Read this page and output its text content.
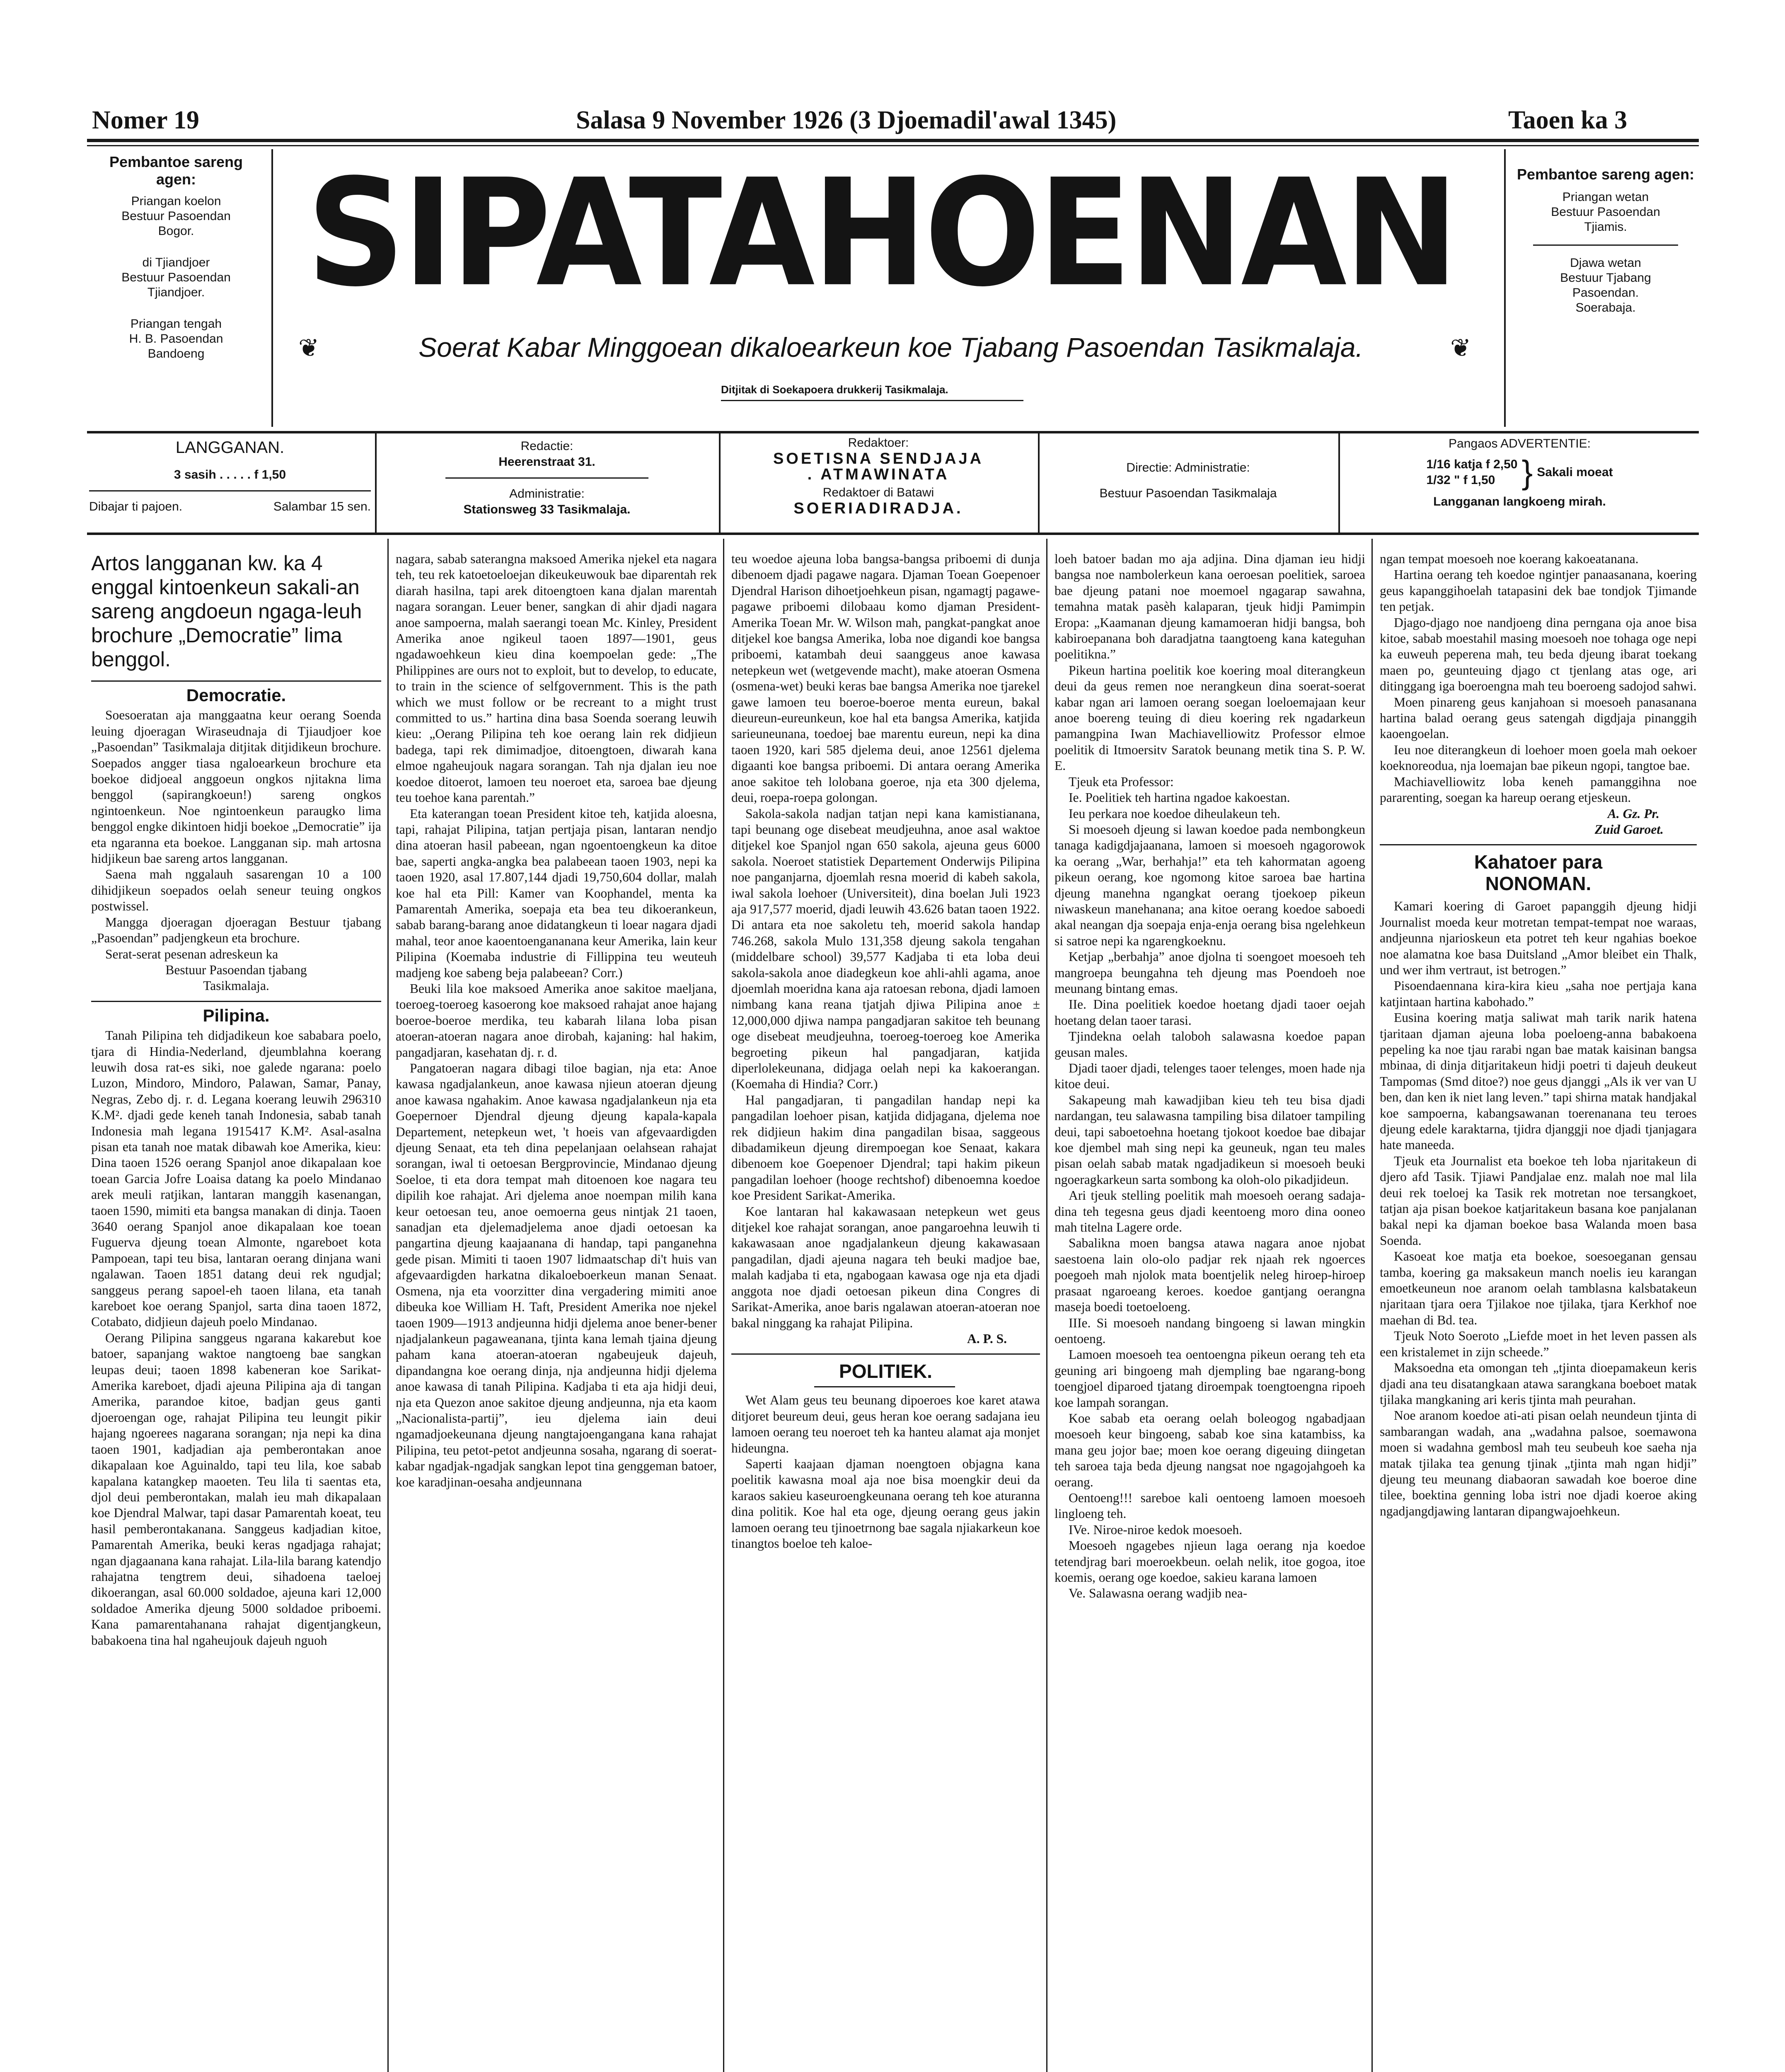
Nomer 19	Salasa 9 November 1926 (3 Djoemadil'awal 1345)	Taoen ka 3
Pembantoe sareng agen:
Priangan koelon
Bestuur Pasoendan
Bogor.
di Tjiandjoer
Bestuur Pasoendan
Tjiandjoer.
Priangan tengah
H. B. Pasoendan
Bandoeng
SIPATAHOENAN
❦	Soerat Kabar Minggoean dikaloearkeun koe Tjabang Pasoendan Tasikmalaja.	❦
Ditjitak di Soekapoera drukkerij Tasikmalaja.
Pembantoe sareng agen:
Priangan wetan
Bestuur Pasoendan
Tjiamis.
Djawa wetan
Bestuur Tjabang
Pasoendan.
Soerabaja.
LANGGANAN.
3 sasih . . . . . f 1,50
Dibajar ti pajoen.	Salambar 15 sen.
Redactie:
Heerenstraat 31.
Administratie:
Stationsweg 33 Tasikmalaja.
Redaktoer:
SOETISNA SENDJAJA
. ATMAWINATA
Redaktoer di Batawi
SOERIADIRADJA.
Directie: Administratie:
Bestuur Pasoendan Tasikmalaja
Pangaos ADVERTENTIE:
1/16 katja f 2,50
1/32 " f 1,50 } Sakali moeat
Langganan langkoeng mirah.

Artos langganan kw. ka 4 enggal kintoenkeun sakali-an sareng angdoeun ngaga-leuh brochure „Democratie” lima benggol.

Democratie.

Soesoeratan aja manggaatna keur oerang Soenda leuing djoeragan Wiraseudnaja di Tjiaudjoer koe „Pasoendan” Tasikmalaja ditjitak ditjidikeun brochure. Soepados angger tiasa ngaloearkeun brochure eta boekoe didjoeal anggoeun ongkos njitakna lima benggol (sapirangkoeun!) sareng ongkos ngintoenkeun. Noe ngintoenkeun paraugko lima benggol engke dikintoen hidji boekoe „Democratie” ija eta ngaranna eta boekoe. Langganan sip. mah artosna hidjikeun bae sareng artos langganan.

Saena mah nggalauh sasarengan 10 a 100 dihidjikeun soepados oelah seneur teuing ongkos postwissel.

Mangga djoeragan djoeragan Bestuur tjabang „Pasoendan” padjengkeun eta brochure.

Serat-serat pesenan adreskeun ka

Bestuur Pasoendan tjabang

Tasikmalaja.

Pilipina.

Tanah Pilipina teh didjadikeun koe sababara poelo, tjara di Hindia-Nederland, djeumblahna koerang leuwih dosa rat-es siki, noe galede ngarana: poelo Luzon, Mindoro, Mindoro, Palawan, Samar, Panay, Negras, Zebo dj. r. d. Legana koerang leuwih 296310 K.M². djadi gede keneh tanah Indonesia, sabab tanah Indonesia mah legana 1915417 K.M². Asal-asalna pisan eta tanah noe matak dibawah koe Amerika, kieu: Dina taoen 1526 oerang Spanjol anoe dikapalaan koe toean Garcia Jofre Loaisa datang ka poelo Mindanao arek meuli ratjikan, lantaran manggih kasenangan, taoen 1590, mimiti eta bangsa manakan di dinja. Taoen 3640 oerang Spanjol anoe dikapalaan koe toean Fuguerva djeung toean Almonte, ngareboet kota Pampoean, tapi teu bisa, lantaran oerang dinjana wani ngalawan. Taoen 1851 datang deui rek ngudjal; sanggeus perang sapoel-eh taoen lilana, eta tanah kareboet koe oerang Spanjol, sarta dina taoen 1872, Cotabato, didjieun dajeuh poelo Mindanao.

Oerang Pilipina sanggeus ngarana kakarebut koe batoer, sapanjang waktoe nangtoeng bae sangkan leupas deui; taoen 1898 kabeneran koe Sarikat-Amerika kareboet, djadi ajeuna Pilipina aja di tangan Amerika, parandoe kitoe, badjan geus ganti djoeroengan oge, rahajat Pilipina teu leungit pikir hajang ngoerees nagarana sorangan; nja nepi ka dina taoen 1901, kadjadian aja pemberontakan anoe dikapalaan koe Aguinaldo, tapi teu lila, koe sabab kapalana katangkep maoeten. Teu lila ti saentas eta, djol deui pemberontakan, malah ieu mah dikapalaan koe Djendral Malwar, tapi dasar Pamarentah koeat, teu hasil pemberontakanana. Sanggeus kadjadian kitoe, Pamarentah Amerika, beuki keras ngadjaga rahajat; ngan djagaanana kana rahajat. Lila-lila barang katendjo rahajatna tengtrem deui, sihadoena taeloej dikoerangan, asal 60.000 soldadoe, ajeuna kari 12,000 soldadoe Amerika djeung 5000 soldadoe priboemi. Kana pamarentahanana rahajat digentjangkeun, babakoena tina hal ngaheujouk dajeuh nguoh

nagara, sabab saterangna maksoed Amerika njekel eta nagara teh, teu rek katoetoeloejan dikeukeuwouk bae diparentah rek diarah hasilna, tapi arek ditoengtoen kana djalan marentah nagara sorangan. Leuer bener, sangkan di ahir djadi nagara anoe sampoerna, malah saerangi toean Mc. Kinley, President Amerika anoe ngikeul taoen 1897—1901, geus ngadawoehkeun kieu dina koempoelan gede: „The Philippines are ours not to exploit, but to develop, to educate, to train in the science of selfgovernment. This is the path which we must follow or be recreant to a might trust committed to us.” hartina dina basa Soenda soerang leuwih kieu: „Oerang Pilipina teh koe oerang lain rek didjieun badega, tapi rek dimimadjoe, ditoengtoen, diwarah kana elmoe ngaheujouk nagara sorangan. Tah nja djalan ieu noe koedoe ditoerot, lamoen teu noeroet eta, saroea bae djeung teu toehoe kana parentah.”

Eta katerangan toean President kitoe teh, katjida aloesna, tapi, rahajat Pilipina, tatjan pertjaja pisan, lantaran nendjo dina atoeran hasil pabeean, ngan ngoentoengkeun ka ditoe bae, saperti angka-angka bea palabeean taoen 1903, nepi ka taoen 1920, asal 17.807,144 djadi 19,750,604 dollar, malah koe hal eta Pill: Kamer van Koophandel, menta ka Pamarentah Amerika, soepaja eta bea teu dikoerankeun, sabab barang-barang anoe didatangkeun ti loear nagara djadi mahal, teor anoe kaoentoengananana keur Amerika, lain keur Pilipina (Koemaba industrie di Fillippina teu weuteuh madjeng koe sabeng beja palabeean? Corr.)

Beuki lila koe maksoed Amerika anoe sakitoe maeljana, toeroeg-toeroeg kasoerong koe maksoed rahajat anoe hajang boeroe-boeroe merdika, teu kabarah lilana loba pisan atoeran-atoeran nagara anoe dirobah, kajaning: hal hakim, pangadjaran, kasehatan dj. r. d.

Pangatoeran nagara dibagi tiloe bagian, nja eta: Anoe kawasa ngadjalankeun, anoe kawasa njieun atoeran djeung anoe kawasa ngahakim. Anoe kawasa ngadjalankeun nja eta Goepernoer Djendral djeung djeung kapala-kapala Departement, netepkeun wet, 't hoeis van afgevaardigden djeung Senaat, eta teh dina pepelanjaan oelahsean rahajat sorangan, iwal ti oetoesan Bergprovincie, Mindanao djeung Soeloe, ti eta dora tempat mah ditoenoen koe nagara teu dipilih koe rahajat. Ari djelema anoe noempan milih kana keur oetoesan teu, anoe oemoerna geus nintjak 21 taoen, sanadjan eta djelemadjelema anoe djadi oetoesan ka pangartina djeung kaajaanana di handap, tapi panganehna gede pisan. Mimiti ti taoen 1907 lidmaatschap di't huis van afgevaardigden harkatna dikaloeboerkeun manan Senaat. Osmena, nja eta voorzitter dina vergadering mimiti anoe dibeuka koe William H. Taft, President Amerika noe njekel taoen 1909—1913 andjeunna hidji djelema anoe bener-bener njadjalankeun pagaweanana, tjinta kana lemah tjaina djeung paham kana atoeran-atoeran ngabeujeuk dajeuh, dipandangna koe oerang dinja, nja andjeunna hidji djelema anoe kawasa di tanah Pilipina. Kadjaba ti eta aja hidji deui, nja eta Quezon anoe sakitoe djeung andjeunna, nja eta kaom „Nacionalista-partij”, ieu djelema iain deui ngamadjoekeunana djeung nangtajoengangana kana rahajat Pilipina, teu petot-petot andjeunna sosaha, ngarang di soerat-kabar ngadjak-ngadjak sangkan lepot tina genggeman batoer, koe karadjinan-oesaha andjeunnana

teu woedoe ajeuna loba bangsa-bangsa priboemi di dunja dibenoem djadi pagawe nagara. Djaman Toean Goepenoer Djendral Harison dihoetjoehkeun pisan, ngamagtj pagawe-pagawe priboemi dilobaau komo djaman President-Amerika Toean Mr. W. Wilson mah, pangkat-pangkat anoe ditjekel koe bangsa Amerika, loba noe digandi koe bangsa priboemi, katambah deui saanggeus anoe kawasa netepkeun wet (wetgevende macht), make atoeran Osmena (osmena-wet) beuki keras bae bangsa Amerika noe tjarekel gawe lamoen teu boeroe-boeroe menta eureun, bakal dieureun-eureunkeun, koe hal eta bangsa Amerika, katjida sarieuneunana, toedoej bae marentu eureun, nepi ka dina taoen 1920, kari 585 djelema deui, anoe 12561 djelema digaanti koe bangsa priboemi. Di antara oerang Amerika anoe sakitoe teh lolobana goeroe, nja eta 300 djelema, deui, roepa-roepa golongan.

Sakola-sakola nadjan tatjan nepi kana kamistianana, tapi beunang oge disebeat meudjeuhna, anoe asal waktoe ditjekel koe Spanjol ngan 650 sakola, ajeuna geus 6000 sakola. Noeroet statistiek Departement Onderwijs Pilipina noe panganjarna, djoemlah resna moerid di kabeh sakola, iwal sakola loehoer (Universiteit), dina boelan Juli 1923 aja 917,577 moerid, djadi leuwih 43.626 batan taoen 1922. Di antara eta noe sakoletu teh, moerid sakola handap 746.268, sakola Mulo 131,358 djeung sakola tengahan (middelbare school) 39,577 Kadjaba ti eta loba deui sakola-sakola anoe diadegkeun koe ahli-ahli agama, anoe djoemlah moeridna kana aja ratoesan rebona, djadi lamoen nimbang kana reana tjatjah djiwa Pilipina anoe ± 12,000,000 djiwa nampa pangadjaran sakitoe teh beunang oge disebeat meudjeuhna, toeroeg-toeroeg koe Amerika begroeting pikeun hal pangadjaran, katjida diperlolekeunana, didjaga oelah nepi ka kakoerangan. (Koemaha di Hindia? Corr.)

Hal pangadjaran, ti pangadilan handap nepi ka pangadilan loehoer pisan, katjida didjagana, djelema noe rek didjieun hakim dina pangadilan bisaa, saggeous dibadamikeun djeung dirempoegan koe Senaat, kakara dibenoem koe Goepenoer Djendral; tapi hakim pikeun pangadilan loehoer (hooge rechtshof) dibenoemna koedoe koe President Sarikat-Amerika.

Koe lantaran hal kakawasaan netepkeun wet geus ditjekel koe rahajat sorangan, anoe pangaroehna leuwih ti kakawasaan anoe ngadjalankeun djeung kakawasaan pangadilan, djadi ajeuna nagara teh beuki madjoe bae, malah kadjaba ti eta, ngabogaan kawasa oge nja eta djadi anggota noe djadi oetoesan pikeun dina Congres di Sarikat-Amerika, anoe baris ngalawan atoeran-atoeran noe bakal ninggang ka rahajat Pilipina.

A. P. S.

POLITIEK.

Wet Alam geus teu beunang dipoeroes koe karet atawa ditjoret beureum deui, geus heran koe oerang sadajana ieu lamoen oerang teu noeroet teh ka hanteu alamat aja monjet hideungna.

Saperti kaajaan djaman noengtoen objagna kana poelitik kawasna moal aja noe bisa moengkir deui da karaos sakieu kaseuroengkeunana oerang teh koe aturanna dina politik. Koe hal eta oge, djeung oerang geus jakin lamoen oerang teu tjinoetrnong bae sagala njiakarkeun koe tinangtos boeloe teh kaloe-

loeh batoer badan mo aja adjina. Dina djaman ieu hidji bangsa noe nambolerkeun kana oeroesan poelitiek, saroea bae djeung patani noe moemoel ngagarap sawahna, temahna matak pasèh kalaparan, tjeuk hidji Pamimpin Eropa: „Kaamanan djeung kamamoeran hidji bangsa, boh kabiroepanana boh daradjatna taangtoeng kana kateguhan poelitikna.”

Pikeun hartina poelitik koe koering moal diterangkeun deui da geus remen noe nerangkeun dina soerat-soerat kabar ngan ari lamoen oerang soegan loeloemajaan keur anoe boereng teuing di dieu koering rek ngadarkeun pamangpina Iwan Machiavelliowitz Professor elmoe poelitik di Itmoersitv Saratok beunang metik tina S. P. W. E.

Tjeuk eta Professor:

Ie. Poelitiek teh hartina ngadoe kakoestan.

Ieu perkara noe koedoe diheulakeun teh.

Si moesoeh djeung si lawan koedoe pada nembongkeun tanaga kadigdjajaanana, lamoen si moesoeh ngagorowok ka oerang „War, berhahja!” eta teh kahormatan agoeng pikeun oerang, koe ngomong kitoe saroea bae hartina djeung manehna ngangkat oerang tjoekoep pikeun niwaskeun manehanana; ana kitoe oerang koedoe saboedi akal neangan dja soepaja enja-enja oerang bisa ngelehkeun si satroe nepi ka ngarengkoeknu.

Ketjap „berbahja” anoe djolna ti soengoet moesoeh teh mangroepa beungahna teh djeung mas Poendoeh noe meunang bintang emas.

IIe. Dina poelitiek koedoe hoetang djadi taoer oejah hoetang delan taoer tarasi.

Tjindekna oelah taloboh salawasna koedoe papan geusan males.

Djadi taoer djadi, telenges taoer telenges, moen hade nja kitoe deui.

Sakapeung mah kawadjiban kieu teh teu bisa djadi nardangan, teu salawasna tampiling bisa dilatoer tampiling deui, tapi saboetoehna hoetang tjokoot koedoe bae dibajar koe djembel mah sing nepi ka geuneuk, ngan teu males pisan oelah sabab matak ngadjadikeun si moesoeh beuki ngoeragkarkeun sarta sombong ka oloh-olo pikadjideun.

Ari tjeuk stelling poelitik mah moesoeh oerang sadaja-dina teh tegesna geus djadi keentoeng moro dina ooneo mah titelna Lagere orde.

Sabalikna moen bangsa atawa nagara anoe njobat saestoena lain olo-olo padjar rek njaah rek ngoerces poegoeh mah njolok mata boentjelik neleg hiroep-hiroep prasaat ngaroeang keroes. koedoe gantjang oerangna maseja boedi toetoeloeng.

IIIe. Si moesoeh nandang bingoeng si lawan mingkin oentoeng.

Lamoen moesoeh tea oentoengna pikeun oerang teh eta geuning ari bingoeng mah djempling bae ngarang-bong toengjoel diparoed tjatang diroempak toengtoengna ripoeh koe lampah sorangan.

Koe sabab eta oerang oelah boleogog ngabadjaan moesoeh keur bingoeng, sabab koe sina katambiss, ka mana geu jojor bae; moen koe oerang digeuing diingetan teh saroea taja beda djeung nangsat noe ngagojahgoeh ka oerang.

Oentoeng!!! sareboe kali oentoeng lamoen moesoeh lingloeng teh.

IVe. Niroe-niroe kedok moesoeh.

Moesoeh ngagebes njieun laga oerang nja koedoe tetendjrag bari moeroekbeun. oelah nelik, itoe gogoa, itoe koemis, oerang oge koedoe, sakieu karana lamoen

Ve. Salawasna oerang wadjib nea-

ngan tempat moesoeh noe koerang kakoeatanana.

Hartina oerang teh koedoe ngintjer panaasanana, koering geus kapanggihoelah tatapasini dek bae tondjok Tjimande ten petjak.

Djago-djago noe nandjoeng dina perngana oja anoe bisa kitoe, sabab moestahil masing moesoeh noe tohaga oge nepi ka euweuh peperena mah, teu beda djeung ibarat toekang maen po, geunteuing djago ct tjenlang atas oge, ari ditinggang iga boeroengna mah teu boeroeng sadojod sahwi.

Moen pinareng geus kanjahoan si moesoeh panasanana hartina balad oerang geus satengah digdjaja pinanggih kaoengoelan.

Ieu noe diterangkeun di loehoer moen goela mah oekoer koeknoreodua, nja loemajan bae pikeun ngopi, tangtoe bae.

Machiavelliowitz loba keneh pamanggihna noe pararenting, soegan ka hareup oerang etjeskeun.

A. Gz. Pr.

Zuid Garoet.

Kahatoer para NONOMAN.

Kamari koering di Garoet papanggih djeung hidji Journalist moeda keur motretan tempat-tempat noe waraas, andjeunna njarioskeun eta potret teh keur ngahias boekoe noe alamatna koe basa Duitsland „Amor bleibet ein Thalk, und wer ihm vertraut, ist betrogen.”

Pisoendaennana kira-kira kieu „saha noe pertjaja kana katjintaan hartina kabohado.”

Eusina koering matja saliwat mah tarik narik hatena tjaritaan djaman ajeuna loba poeloeng-anna babakoena pepeling ka noe tjau rarabi ngan bae matak kaisinan bangsa mbinaa, di dinja ditjaritakeun hidji poetri ti dajeuh deukeut Tampomas (Smd ditoe?) noe geus djanggi „Als ik ver van U ben, dan ken ik niet lang leven.” tapi shirna matak handjakal koe sampoerna, kabangsawanan toerenanana teu teroes djeung edele karaktarna, tjidra djanggji noe djadi tjanjagara hate maneeda.

Tjeuk eta Journalist eta boekoe teh loba njaritakeun di djero afd Tasik. Tjiawi Pandjalae enz. malah noe mal lila deui rek toeloej ka Tasik rek motretan noe tersangkoet, tatjan aja pisan boekoe katjaritakeun basana koe panjalanan bakal nepi ka djaman boekoe basa Walanda moen basa Soenda.

Kasoeat koe matja eta boekoe, soesoeganan gensau tamba, koering ga maksakeun manch noelis ieu karangan emoetkeuneun noe aranom oelah tamblasna kalsbatakeun njaritaan tjara oera Tjilakoe noe tjilaka, tjara Kerkhof noe maehan di Bd. tea.

Tjeuk Noto Soeroto „Liefde moet in het leven passen als een kristalemet in zijn scheede.”

Maksoedna eta omongan teh „tjinta dioepamakeun keris djadi ana teu disatangkaan atawa sarangkana boeboet matak tjilaka mangkaning ari keris tjinta mah peurahan.

Noe aranom koedoe ati-ati pisan oelah neundeun tjinta di sambarangan wadah, ana „wadahna palsoe, soemawona moen si wadahna gembosl mah teu seubeuh koe saeha nja matak tjilaka tea genung tjinak „tjinta mah ngan hidji” djeung teu meunang diabaoran sawadah koe boeroe dine tilee, boektina genning loba istri noe djadi koeroe aking ngadjangdjawing lantaran dipangwajoehkeun.
